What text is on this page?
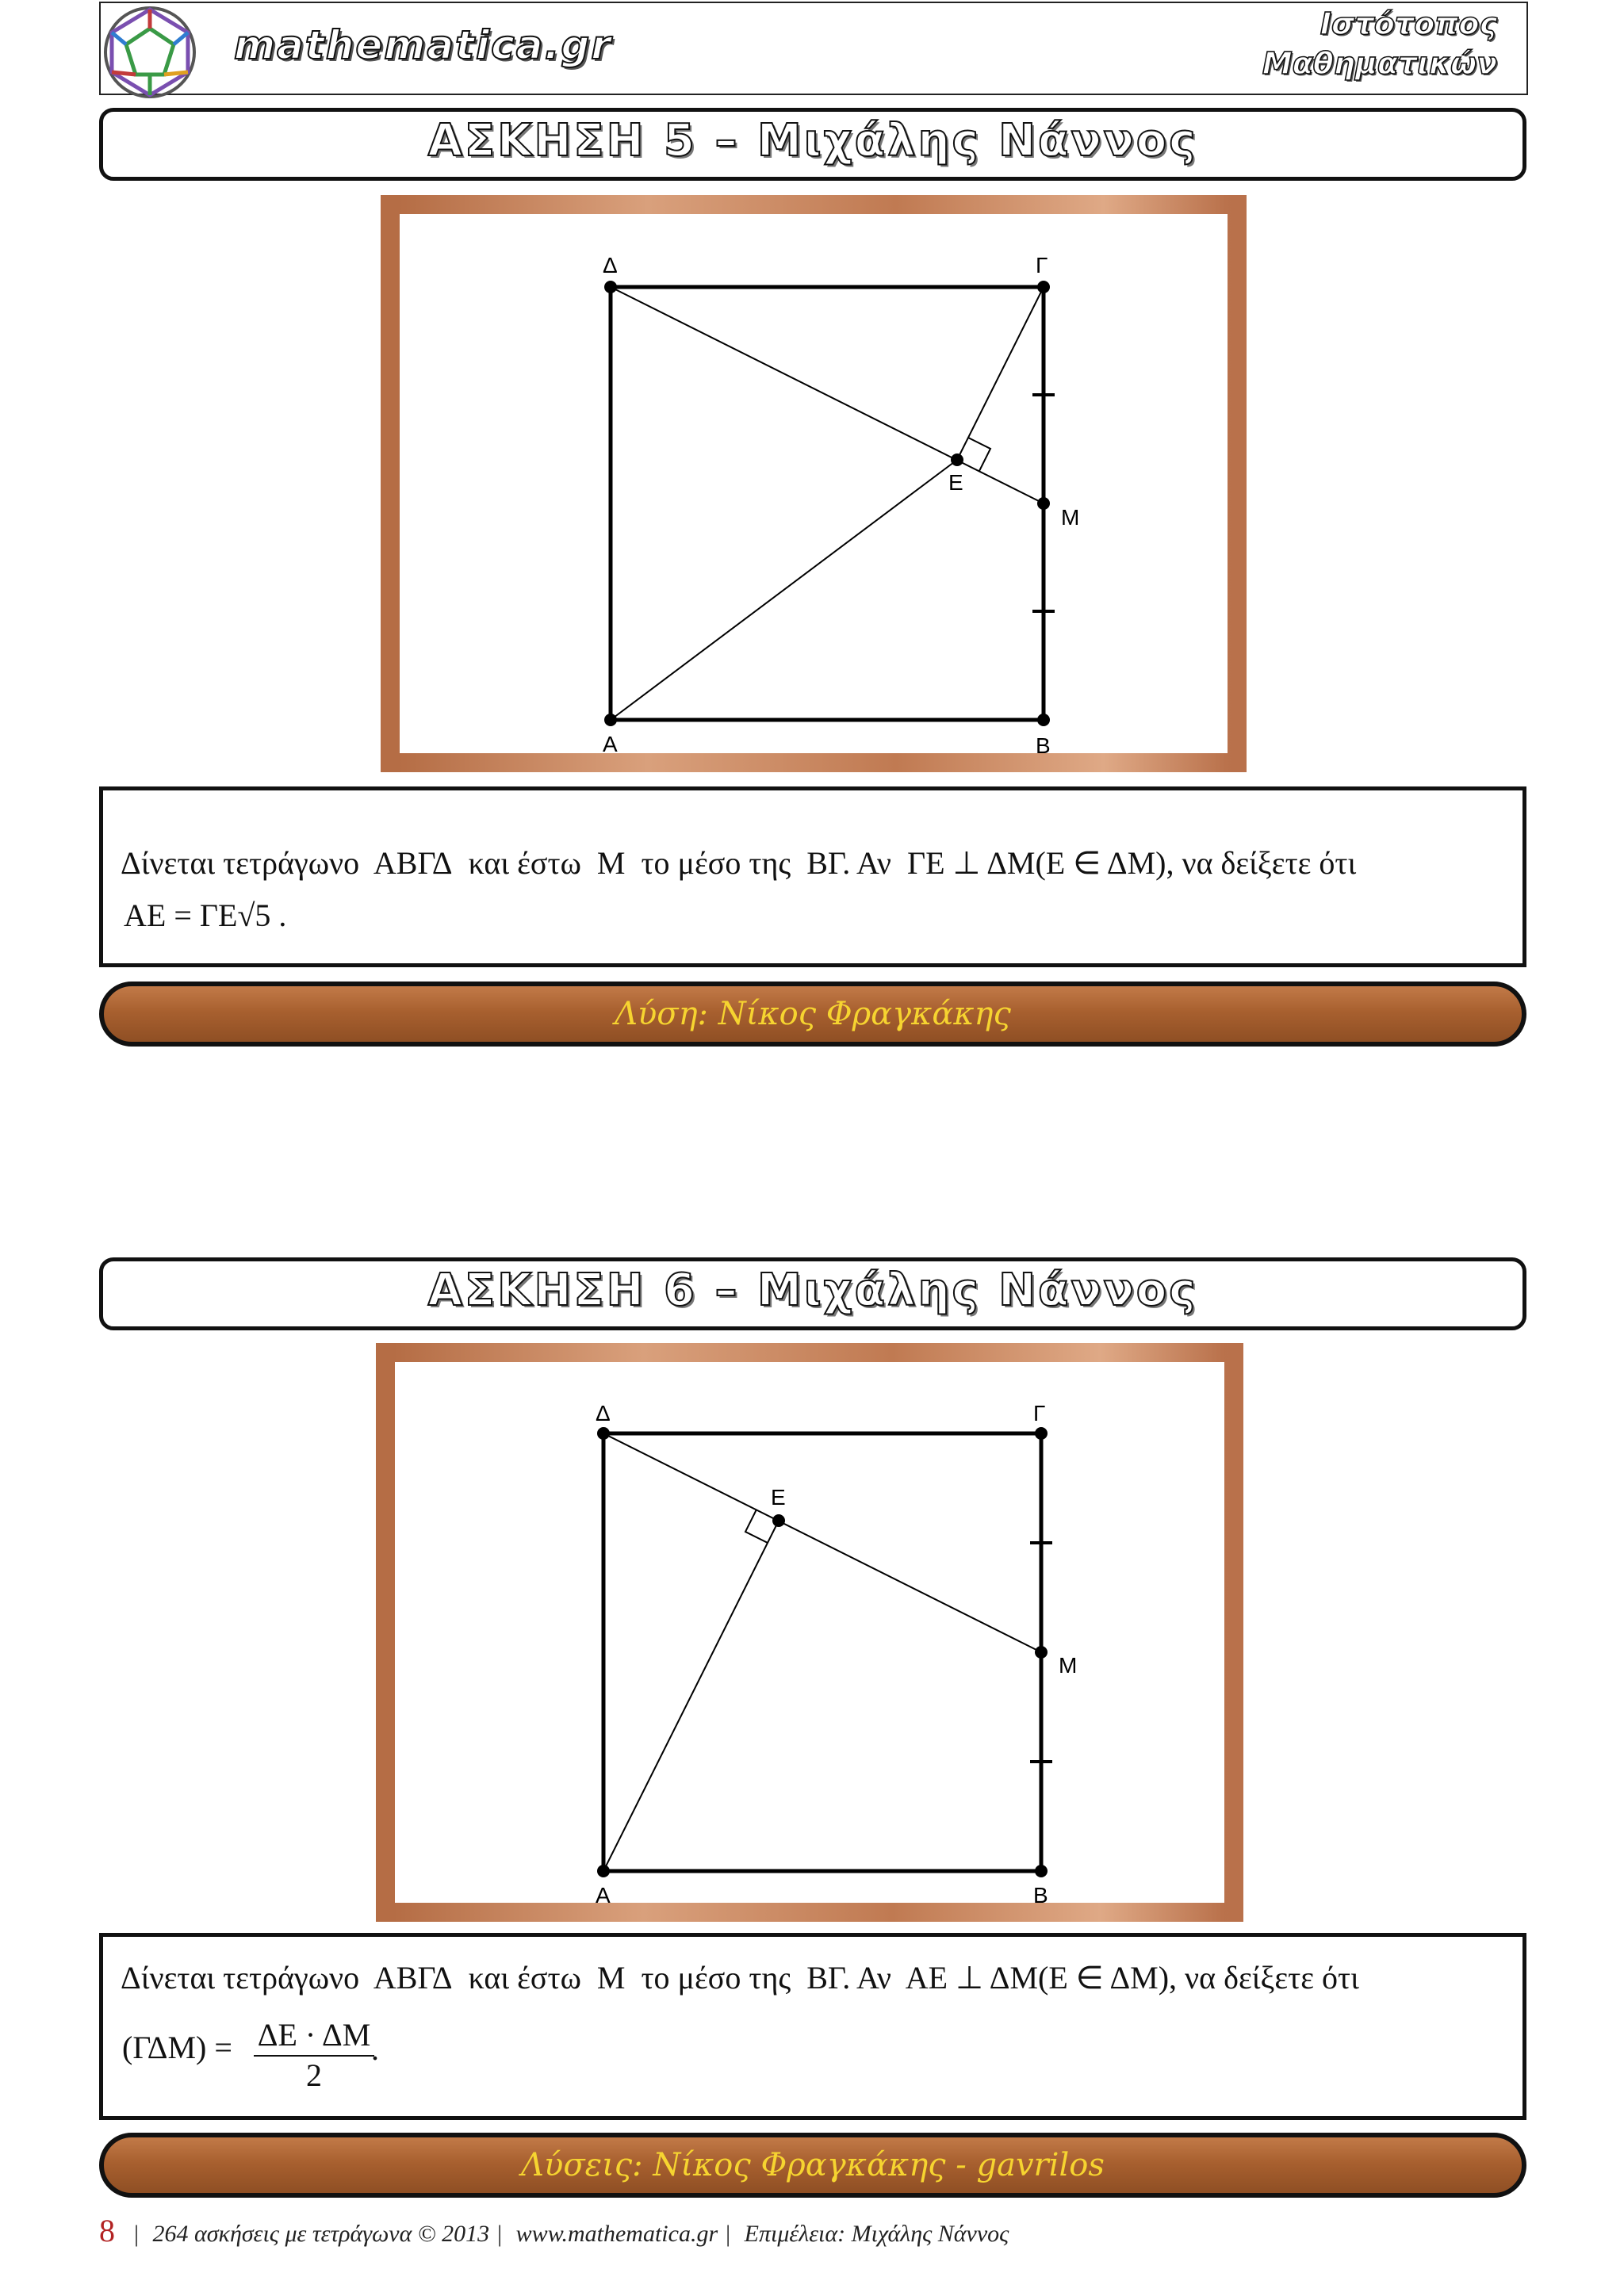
mathematica.gr	Ιστότοπος
Μαθηματικών
ΑΣΚΗΣΗ 5 – Μιχάλης Νάννος
Δ	Γ
Ε
Μ
Α	Β
Δίνεται τετράγωνο ΑΒΓΔ και έστω Μ το μέσο της ΒΓ. Αν ΓΕ ⊥ ΔΜ(Ε ∈ ΔΜ), να δείξετε ότι
ΑΕ = ΓΕ√5 .
Λύση: Νίκος Φραγκάκης
ΑΣΚΗΣΗ 6 – Μιχάλης Νάννος
Δ	Γ
Ε
Μ
Α	Β
Δίνεται τετράγωνο ΑΒΓΔ και έστω Μ το μέσο της ΒΓ. Αν ΑΕ ⊥ ΔΜ(Ε ∈ ΔΜ), να δείξετε ότι
$(\Gamma\Delta M) = \frac{\Delta E \cdot \Delta M}{2}$
.
Λύσεις: Νίκος Φραγκάκης - gavrilos
8 | 264 ασκήσεις με τετράγωνα © 2013 | www.mathematica.gr | Επιμέλεια: Μιχάλης Νάννος
